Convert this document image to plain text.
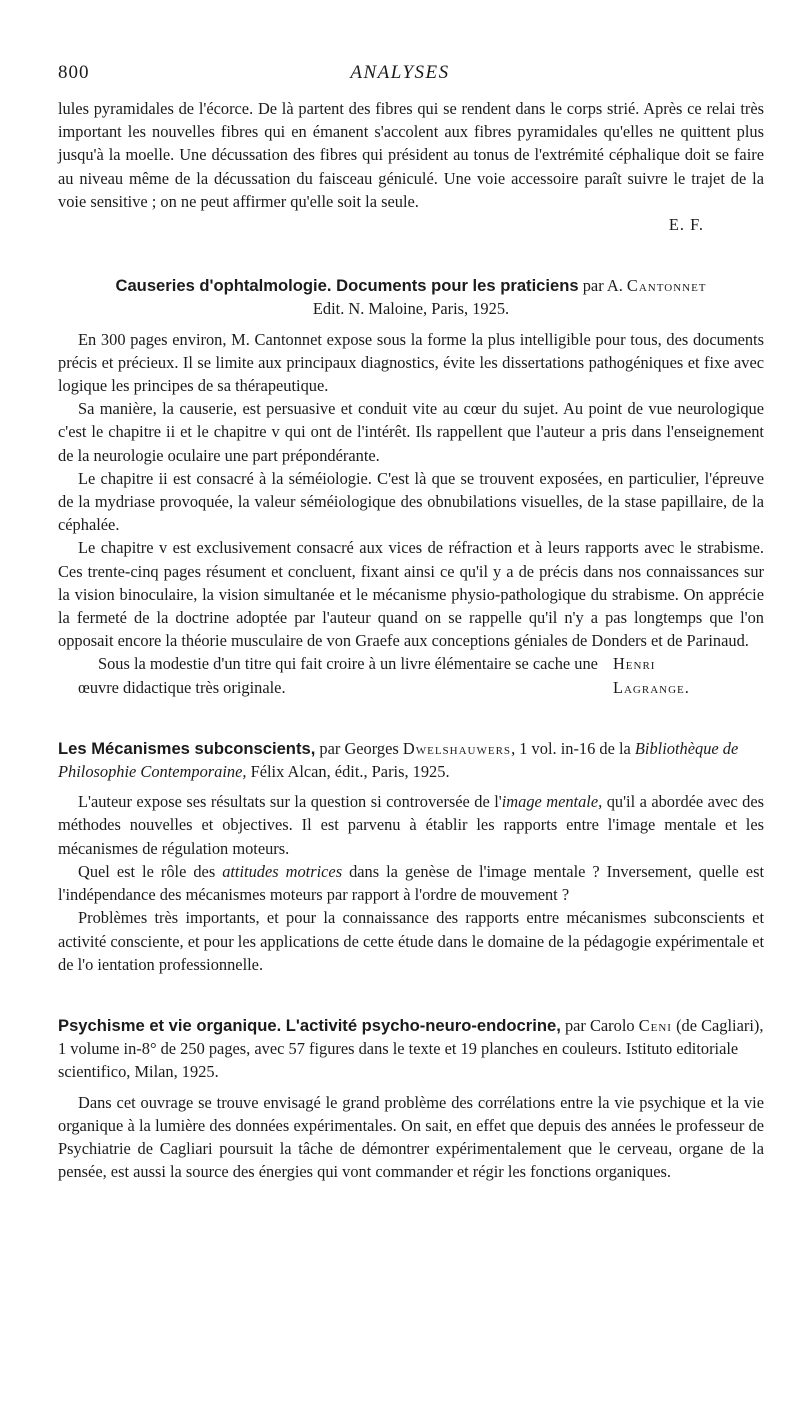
800	ANALYSES

lules pyramidales de l'écorce. De là partent des fibres qui se rendent dans le corps strié. Après ce relai très important les nouvelles fibres qui en émanent s'accolent aux fibres pyramidales qu'elles ne quittent plus jusqu'à la moelle. Une décussation des fibres qui président au tonus de l'extrémité céphalique doit se faire au niveau même de la décussation du faisceau géniculé. Une voie accessoire paraît suivre le trajet de la voie sensitive ; on ne peut affirmer qu'elle soit la seule.

E. F.
Causeries d'ophtalmologie. Documents pour les praticiens par A. Cantonnet
Edit. N. Maloine, Paris, 1925.

En 300 pages environ, M. Cantonnet expose sous la forme la plus intelligible pour tous, des documents précis et précieux. Il se limite aux principaux diagnostics, évite les dissertations pathogéniques et fixe avec logique les principes de sa thérapeutique.

Sa manière, la causerie, est persuasive et conduit vite au cœur du sujet. Au point de vue neurologique c'est le chapitre ii et le chapitre v qui ont de l'intérêt. Ils rappellent que l'auteur a pris dans l'enseignement de la neurologie oculaire une part prépondérante.

Le chapitre ii est consacré à la séméiologie. C'est là que se trouvent exposées, en particulier, l'épreuve de la mydriase provoquée, la valeur séméiologique des obnubilations visuelles, de la stase papillaire, de la céphalée.

Le chapitre v est exclusivement consacré aux vices de réfraction et à leurs rapports avec le strabisme. Ces trente-cinq pages résument et concluent, fixant ainsi ce qu'il y a de précis dans nos connaissances sur la vision binoculaire, la vision simultanée et le mécanisme physio-pathologique du strabisme. On apprécie la fermeté de la doctrine adoptée par l'auteur quand on se rappelle qu'il n'y a pas longtemps que l'on opposait encore la théorie musculaire de von Graefe aux conceptions géniales de Donders et de Parinaud.

Sous la modestie d'un titre qui fait croire à un livre élémentaire se cache une œuvre didactique très originale.
Henri Lagrange.
Les Mécanismes subconscients, par Georges Dwelshauwers, 1 vol. in-16 de la Bibliothèque de Philosophie Contemporaine, Félix Alcan, édit., Paris, 1925.

L'auteur expose ses résultats sur la question si controversée de l'image mentale, qu'il a abordée avec des méthodes nouvelles et objectives. Il est parvenu à établir les rapports entre l'image mentale et les mécanismes de régulation moteurs.

Quel est le rôle des attitudes motrices dans la genèse de l'image mentale ? Inversement, quelle est l'indépendance des mécanismes moteurs par rapport à l'ordre de mouvement ?

Problèmes très importants, et pour la connaissance des rapports entre mécanismes subconscients et activité consciente, et pour les applications de cette étude dans le domaine de la pédagogie expérimentale et de l'o ientation professionnelle.

Psychisme et vie organique. L'activité psycho-neuro-endocrine, par Carolo Ceni (de Cagliari), 1 volume in-8° de 250 pages, avec 57 figures dans le texte et 19 planches en couleurs. Istituto editoriale scientifico, Milan, 1925.

Dans cet ouvrage se trouve envisagé le grand problème des corrélations entre la vie psychique et la vie organique à la lumière des données expérimentales. On sait, en effet que depuis des années le professeur de Psychiatrie de Cagliari poursuit la tâche de démontrer expérimentalement que le cerveau, organe de la pensée, est aussi la source des énergies qui vont commander et régir les fonctions organiques.
